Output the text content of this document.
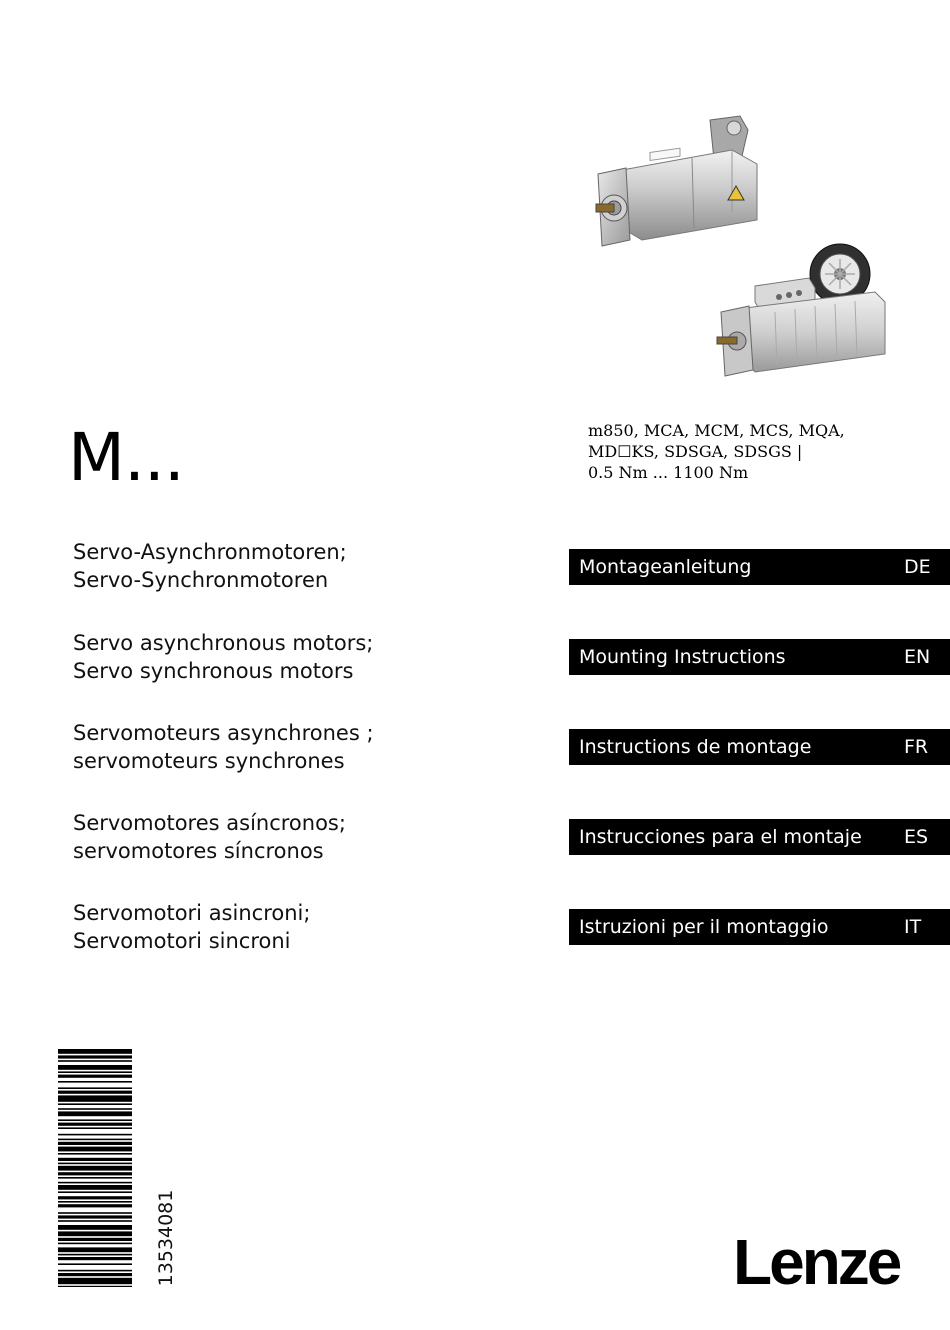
M...	m850, MCA, MCM, MCS, MQA,
MD☐KS, SDSGA, SDSGS |
0.5 Nm ... 1100 Nm
Servo-Asynchronmotoren;
Servo-Synchronmotoren
Servo asynchronous motors;
Servo synchronous motors
Servomoteurs asynchrones ;
servomoteurs synchrones
Servomotores asíncronos;
servomotores síncronos
Servomotori asincroni;
Servomotori sincroni
Montageanleitung	DE
Mounting Instructions	EN
Instructions de montage	FR
Instrucciones para el montaje ES
Istruzioni per il montaggio	IT
13534081	Lenze
